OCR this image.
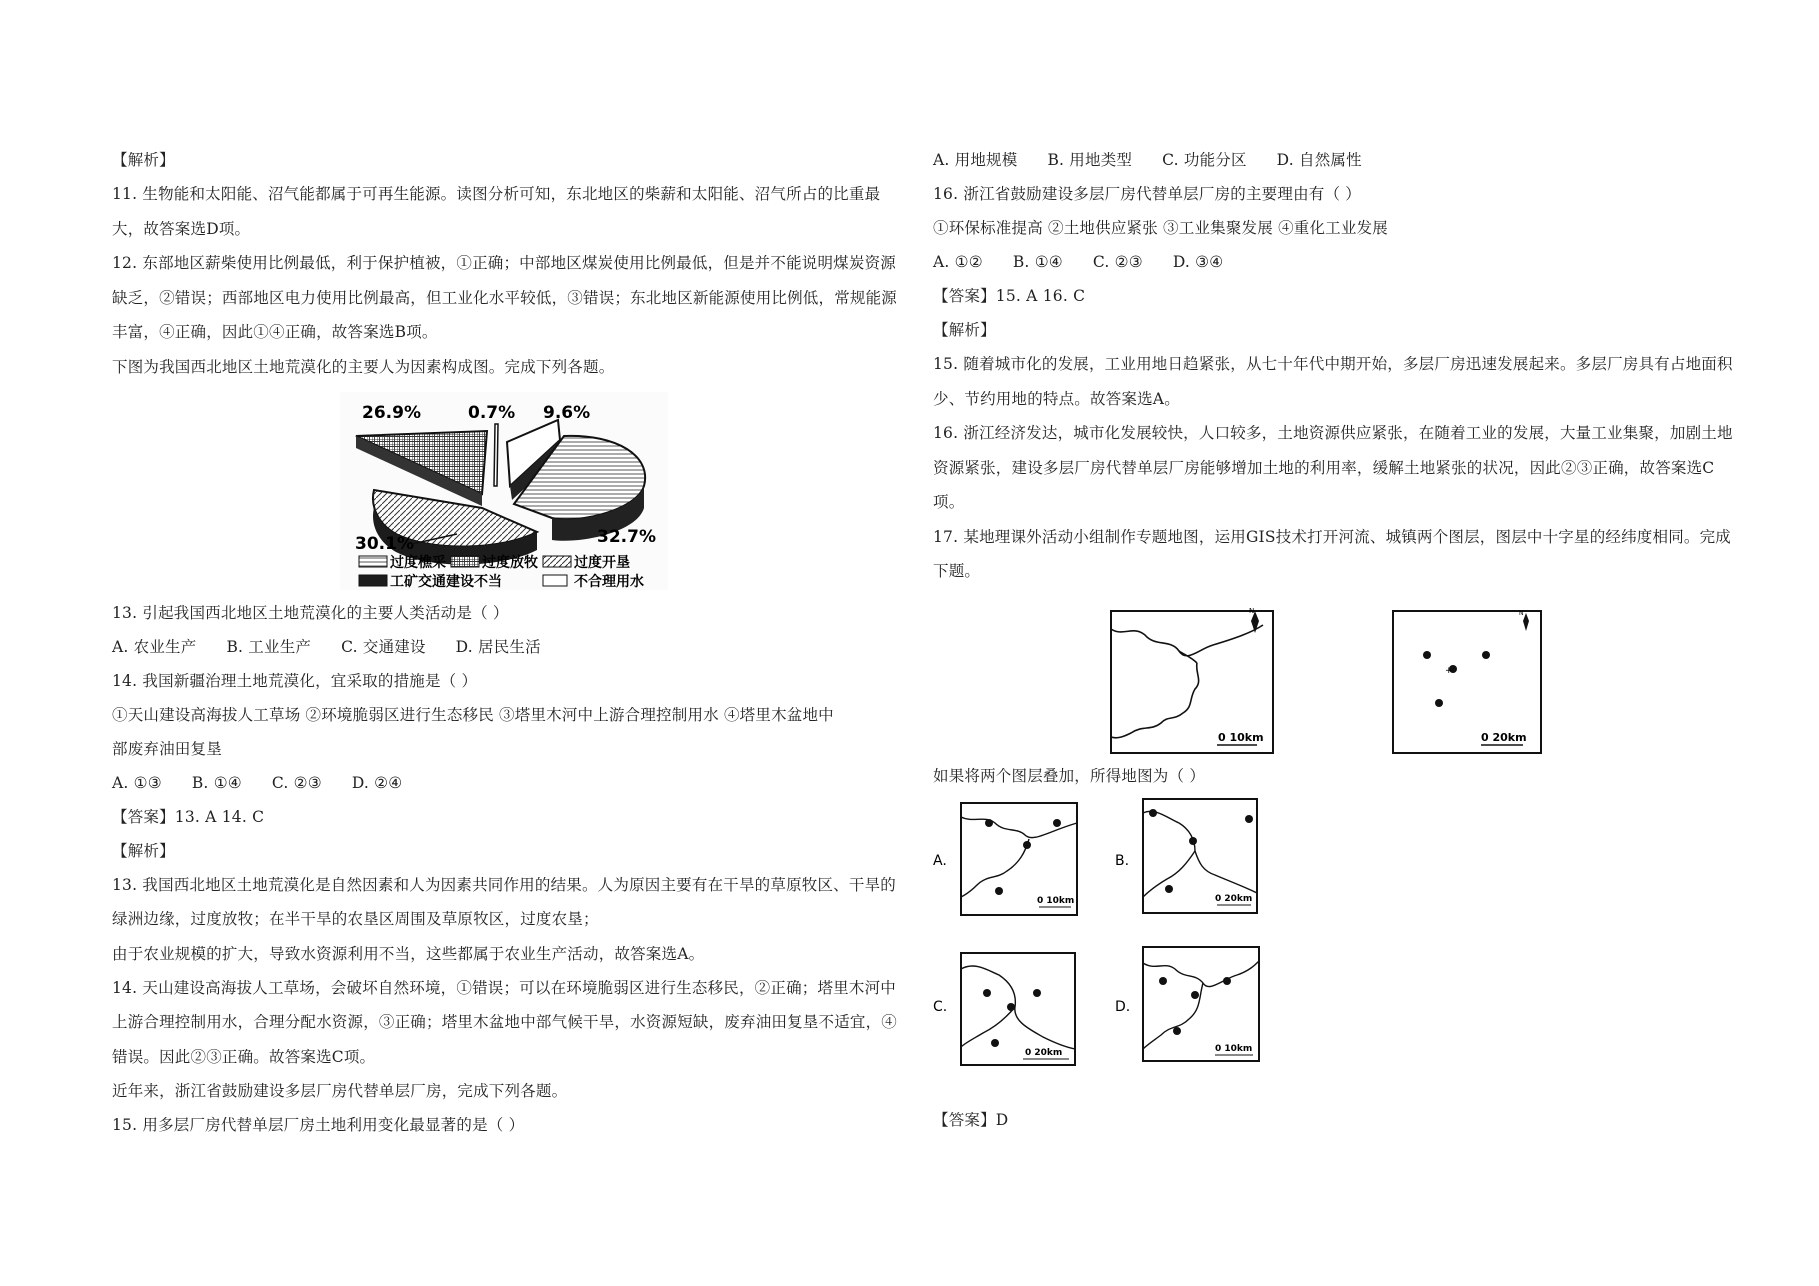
【解析】

11. 生物能和太阳能、沼气能都属于可再生能源。读图分析可知，东北地区的柴薪和太阳能、沼气所占的比重最大，故答案选D项。

12. 东部地区薪柴使用比例最低，利于保护植被，①正确；中部地区煤炭使用比例最低，但是并不能说明煤炭资源缺乏，②错误；西部地区电力使用比例最高，但工业化水平较低，③错误；东北地区新能源使用比例低，常规能源丰富，④正确，因此①④正确，故答案选B项。

下图为我国西北地区土地荒漠化的主要人为因素构成图。完成下列各题。

26.9%	0.7% 9.6%
32.7%
30.1%
过度樵采	过度放牧	过度开垦
工矿交通建设不当	不合理用水

13. 引起我国西北地区土地荒漠化的主要人类活动是（ ）

A. 农业生产 B. 工业生产 C. 交通建设 D. 居民生活

14. 我国新疆治理土地荒漠化，宜采取的措施是（ ）

①天山建设高海拔人工草场 ②环境脆弱区进行生态移民 ③塔里木河中上游合理控制用水 ④塔里木盆地中

部废弃油田复垦

A. ①③ B. ①④ C. ②③ D. ②④

【答案】13. A 14. C

【解析】

13. 我国西北地区土地荒漠化是自然因素和人为因素共同作用的结果。人为原因主要有在干旱的草原牧区、干旱的绿洲边缘，过度放牧；在半干旱的农垦区周围及草原牧区，过度农垦；

由于农业规模的扩大，导致水资源利用不当，这些都属于农业生产活动，故答案选A。

14. 天山建设高海拔人工草场，会破坏自然环境，①错误；可以在环境脆弱区进行生态移民，②正确；塔里木河中上游合理控制用水，合理分配水资源，③正确；塔里木盆地中部气候干旱，水资源短缺，废弃油田复垦不适宜，④错误。因此②③正确。故答案选C项。

近年来，浙江省鼓励建设多层厂房代替单层厂房，完成下列各题。

15. 用多层厂房代替单层厂房土地利用变化最显著的是（ ）

A. 用地规模 B. 用地类型 C. 功能分区 D. 自然属性

16. 浙江省鼓励建设多层厂房代替单层厂房的主要理由有（ ）

①环保标准提高 ②土地供应紧张 ③工业集聚发展 ④重化工业发展

A. ①② B. ①④ C. ②③ D. ③④

【答案】15. A 16. C

【解析】

15. 随着城市化的发展，工业用地日趋紧张，从七十年代中期开始，多层厂房迅速发展起来。多层厂房具有占地面积少、节约用地的特点。故答案选A。

16. 浙江经济发达，城市化发展较快，人口较多，土地资源供应紧张，在随着工业的发展，大量工业集聚，加剧土地资源紧张，建设多层厂房代替单层厂房能够增加土地的利用率，缓解土地紧张的状况，因此②③正确，故答案选C项。

17. 某地理课外活动小组制作专题地图，运用GIS技术打开河流、城镇两个图层，图层中十字星的经纬度相同。完成下题。

N
0 10km
+
N
0 20km

如果将两个图层叠加，所得地图为（ ）

A.
0 10km
B.
0 20km
C.
0 20km
D.
0 10km

【答案】D
